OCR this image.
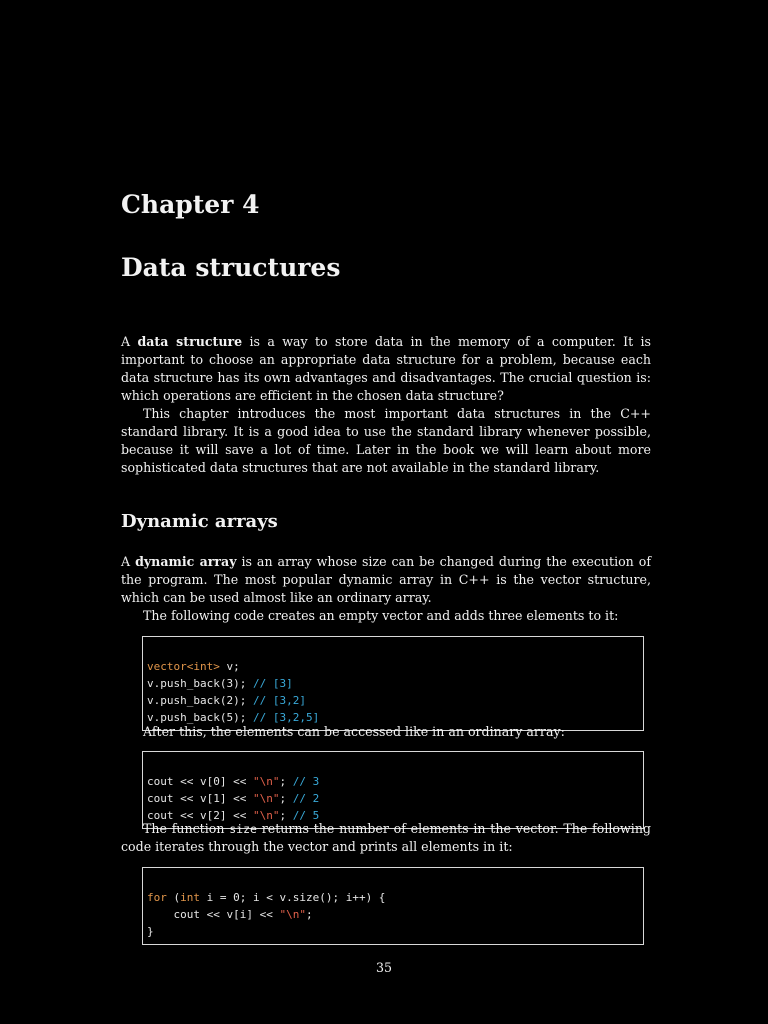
Chapter 4
Data structures

A data structure is a way to store data in the memory of a computer. It is important to choose an appropriate data structure for a problem, because each data structure has its own advantages and disadvantages. The crucial question is: which operations are efficient in the chosen data structure?

This chapter introduces the most important data structures in the C++ standard library. It is a good idea to use the standard library whenever possible, because it will save a lot of time. Later in the book we will learn about more sophisticated data structures that are not available in the standard library.

Dynamic arrays

A dynamic array is an array whose size can be changed during the execution of the program. The most popular dynamic array in C++ is the vector structure, which can be used almost like an ordinary array.

The following code creates an empty vector and adds three elements to it:

vector<int> v;
v.push_back(3); // [3]
v.push_back(2); // [3,2]
v.push_back(5); // [3,2,5]

After this, the elements can be accessed like in an ordinary array:

cout << v[0] << "\n"; // 3
cout << v[1] << "\n"; // 2
cout << v[2] << "\n"; // 5

The function size returns the number of elements in the vector. The following code iterates through the vector and prints all elements in it:

for (int i = 0; i < v.size(); i++) {
cout << v[i] << "\n";
}
35
